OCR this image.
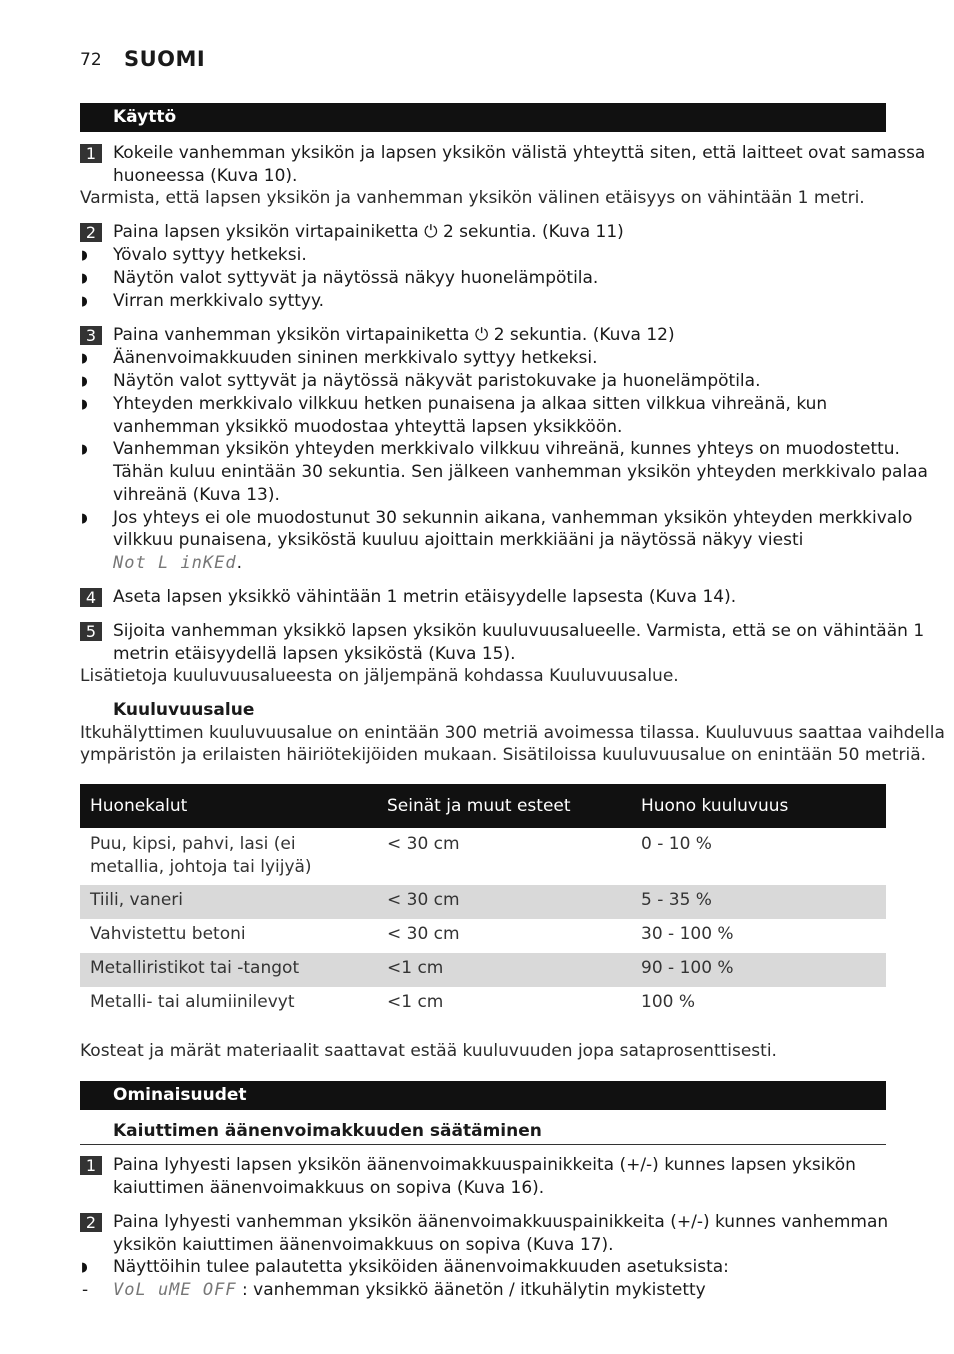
72 SUOMI
Käyttö
1 Kokeile vanhemman yksikön ja lapsen yksikön välistä yhteyttä siten, että laitteet ovat samassa
huoneessa (Kuva 10).
Varmista, että lapsen yksikön ja vanhemman yksikön välinen etäisyys on vähintään 1 metri.
2 Paina lapsen yksikön virtapainiketta ⏻ 2 sekuntia. (Kuva 11)
◗ Yövalo syttyy hetkeksi.
◗ Näytön valot syttyvät ja näytössä näkyy huonelämpötila.
◗ Virran merkkivalo syttyy.
3 Paina vanhemman yksikön virtapainiketta ⏻ 2 sekuntia. (Kuva 12)
◗ Äänenvoimakkuuden sininen merkkivalo syttyy hetkeksi.
◗ Näytön valot syttyvät ja näytössä näkyvät paristokuvake ja huonelämpötila.
◗ Yhteyden merkkivalo vilkkuu hetken punaisena ja alkaa sitten vilkkua vihreänä, kun
vanhemman yksikkö muodostaa yhteyttä lapsen yksikköön.
◗ Vanhemman yksikön yhteyden merkkivalo vilkkuu vihreänä, kunnes yhteys on muodostettu.
Tähän kuluu enintään 30 sekuntia. Sen jälkeen vanhemman yksikön yhteyden merkkivalo palaa
vihreänä (Kuva 13).
◗ Jos yhteys ei ole muodostunut 30 sekunnin aikana, vanhemman yksikön yhteyden merkkivalo
vilkkuu punaisena, yksiköstä kuuluu ajoittain merkkiääni ja näytössä näkyy viesti
Not L inKEd.
4 Aseta lapsen yksikkö vähintään 1 metrin etäisyydelle lapsesta (Kuva 14).
5 Sijoita vanhemman yksikkö lapsen yksikön kuuluvuusalueelle. Varmista, että se on vähintään 1
metrin etäisyydellä lapsen yksiköstä (Kuva 15).
Lisätietoja kuuluvuusalueesta on jäljempänä kohdassa Kuuluvuusalue.
Kuuluvuusalue
Itkuhälyttimen kuuluvuusalue on enintään 300 metriä avoimessa tilassa. Kuuluvuus saattaa vaihdella
ympäristön ja erilaisten häiriötekijöiden mukaan. Sisätiloissa kuuluvuusalue on enintään 50 metriä.
Huonekalut	Seinät ja muut esteet	Huono kuuluvuus
Puu, kipsi, pahvi, lasi (ei metallia, johtoja tai lyijyä)	< 30 cm	0 - 10 %
Tiili, vaneri	< 30 cm	5 - 35 %
Vahvistettu betoni	< 30 cm	30 - 100 %
Metalliristikot tai -tangot	<1 cm	90 - 100 %
Metalli- tai alumiinilevyt	<1 cm	100 %
Kosteat ja märät materiaalit saattavat estää kuuluvuuden jopa sataprosenttisesti.
Ominaisuudet
Kaiuttimen äänenvoimakkuuden säätäminen
1 Paina lyhyesti lapsen yksikön äänenvoimakkuuspainikkeita (+/-) kunnes lapsen yksikön
kaiuttimen äänenvoimakkuus on sopiva (Kuva 16).
2 Paina lyhyesti vanhemman yksikön äänenvoimakkuuspainikkeita (+/-) kunnes vanhemman
yksikön kaiuttimen äänenvoimakkuus on sopiva (Kuva 17).
◗ Näyttöihin tulee palautetta yksiköiden äänenvoimakkuuden asetuksista:
- VoL uME OFF : vanhemman yksikkö äänetön / itkuhälytin mykistetty
